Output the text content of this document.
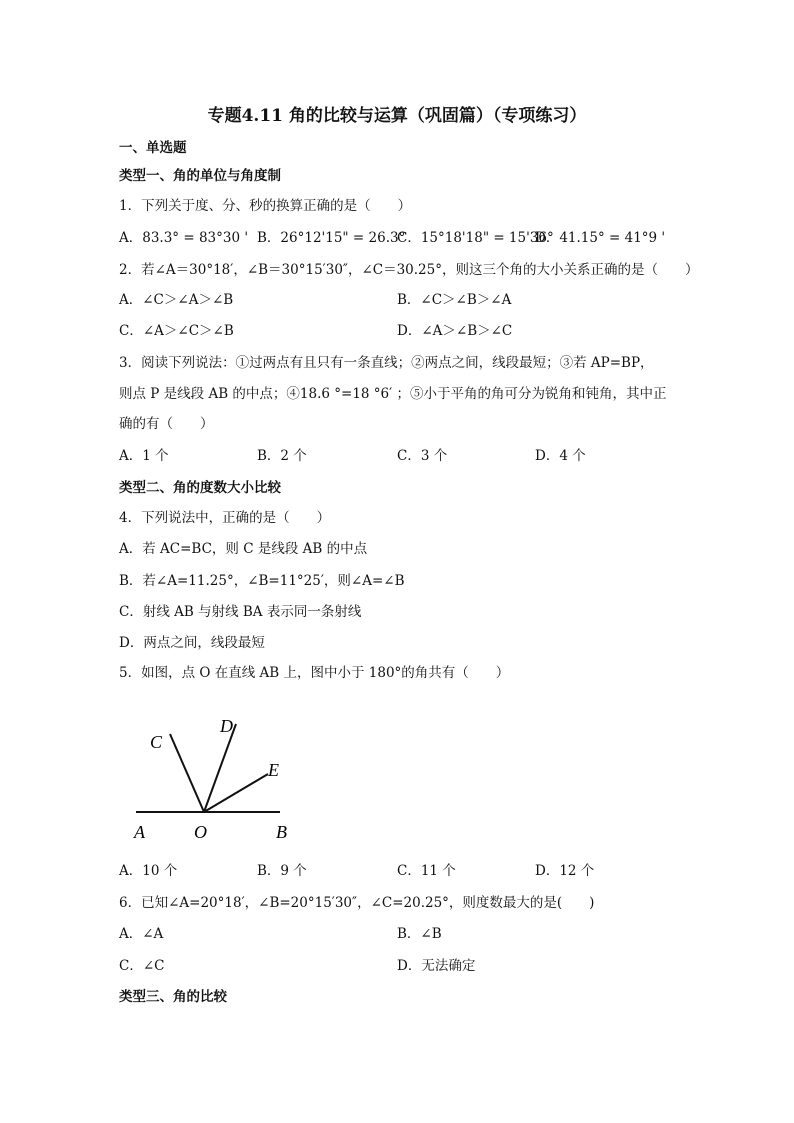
专题4.11 角的比较与运算（巩固篇）（专项练习）
一、单选题
类型一、角的单位与角度制
1．下列关于度、分、秒的换算正确的是（　　）
A．83.3° = 83°30 ' B．26°12'15" = 26.3°
C．15°18'18" = 15'36°
D．41.15° = 41°9 '
2．若∠A＝30°18′，∠B＝30°15′30″，∠C＝30.25°，则这三个角的大小关系正确的是（　　）
A．∠C＞∠A＞∠B	B．∠C＞∠B＞∠A
C．∠A＞∠C＞∠B	D．∠A＞∠B＞∠C
3．阅读下列说法：①过两点有且只有一条直线；②两点之间，线段最短；③若 AP=BP，
则点 P 是线段 AB 的中点；④18.6 °=18 °6′ ；⑤小于平角的角可分为锐角和钝角，其中正
确的有（　　）
A．1 个	B．2 个	C．3 个	D．4 个
类型二、角的度数大小比较
4．下列说法中，正确的是（　　）
A．若 AC=BC，则 C 是线段 AB 的中点
B．若∠A=11.25°，∠B=11°25′，则∠A=∠B
C．射线 AB 与射线 BA 表示同一条射线
D．两点之间，线段最短
5．如图，点 O 在直线 AB 上，图中小于 180°的角共有（　　）
A	O	B
C
D
E
A．10 个	B．9 个	C．11 个	D．12 个
6．已知∠A=20°18′，∠B=20°15′30″，∠C=20.25°，则度数最大的是(　　)
A．∠A	B．∠B
C．∠C	D．无法确定
类型三、角的比较
